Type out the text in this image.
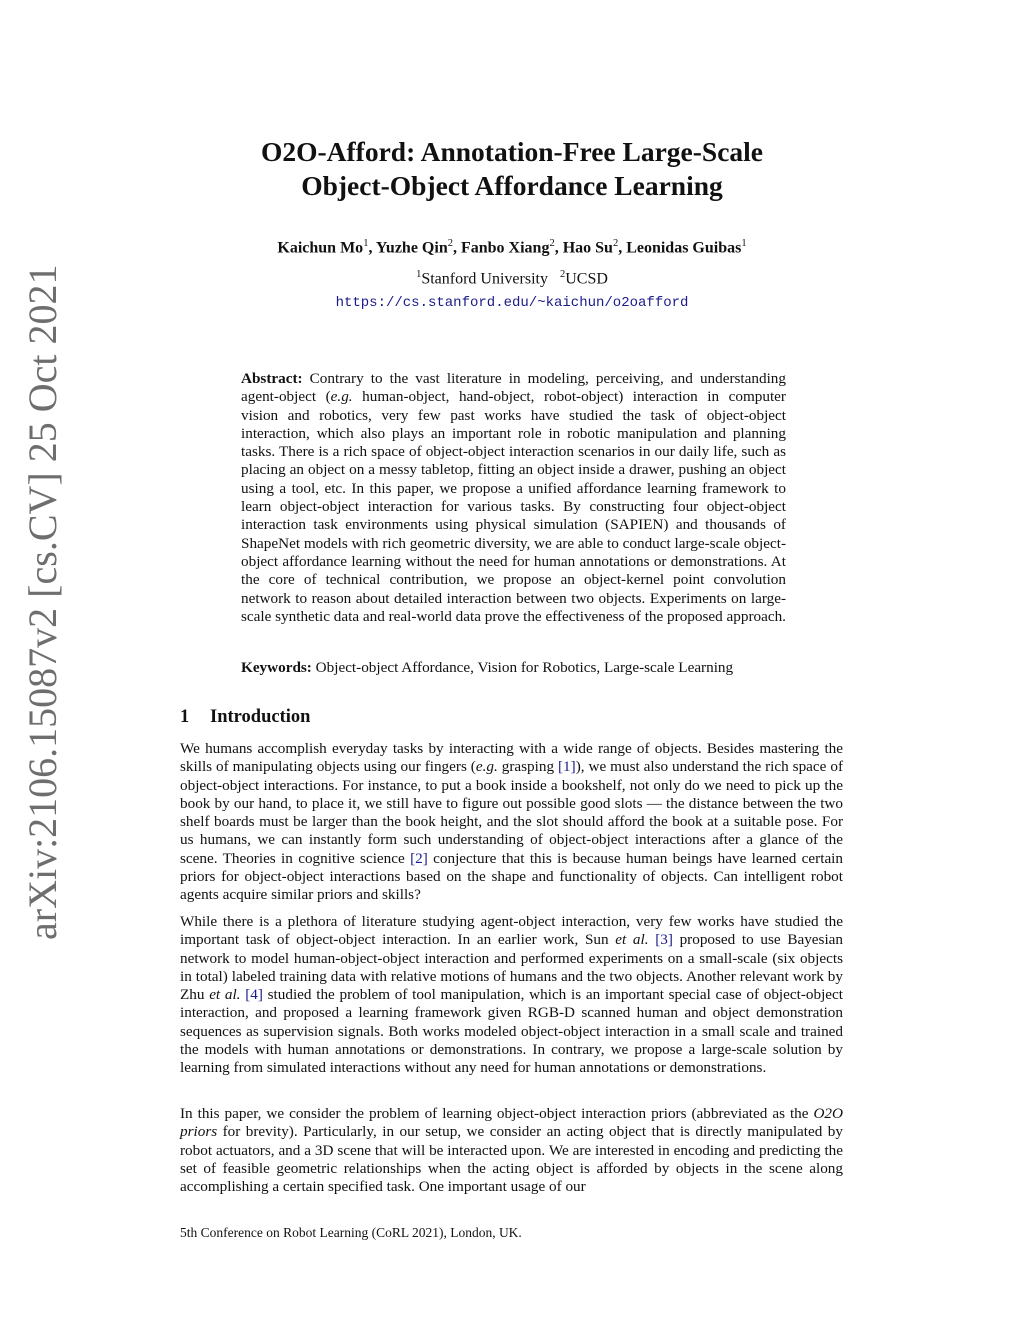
arXiv:2106.15087v2 [cs.CV] 25 Oct 2021
O2O-Afford: Annotation-Free Large-Scale
Object-Object Affordance Learning
Kaichun Mo$^1$, Yuzhe Qin$^2$, Fanbo Xiang$^2$, Hao Su$^2$, Leonidas Guibas$^1$
$^1$Stanford University $^2$UCSD
https://cs.stanford.edu/~kaichun/o2oafford
Abstract: Contrary to the vast literature in modeling, perceiving, and understanding agent-object (e.g. human-object, hand-object, robot-object) interaction in computer vision and robotics, very few past works have studied the task of object-object interaction, which also plays an important role in robotic manipulation and planning tasks. There is a rich space of object-object interaction scenarios in our daily life, such as placing an object on a messy tabletop, fitting an object inside a drawer, pushing an object using a tool, etc. In this paper, we propose a unified affordance learning framework to learn object-object interaction for various tasks. By constructing four object-object interaction task environments using physical simulation (SAPIEN) and thousands of ShapeNet models with rich geometric diversity, we are able to conduct large-scale object-object affordance learning without the need for human annotations or demonstrations. At the core of technical contribution, we propose an object-kernel point convolution network to reason about detailed interaction between two objects. Experiments on large-scale synthetic data and real-world data prove the effectiveness of the proposed approach.
Keywords: Object-object Affordance, Vision for Robotics, Large-scale Learning
1 Introduction
We humans accomplish everyday tasks by interacting with a wide range of objects. Besides mastering the skills of manipulating objects using our fingers (e.g. grasping [1]), we must also understand the rich space of object-object interactions. For instance, to put a book inside a bookshelf, not only do we need to pick up the book by our hand, to place it, we still have to figure out possible good slots — the distance between the two shelf boards must be larger than the book height, and the slot should afford the book at a suitable pose. For us humans, we can instantly form such understanding of object-object interactions after a glance of the scene. Theories in cognitive science [2] conjecture that this is because human beings have learned certain priors for object-object interactions based on the shape and functionality of objects. Can intelligent robot agents acquire similar priors and skills?
While there is a plethora of literature studying agent-object interaction, very few works have studied the important task of object-object interaction. In an earlier work, Sun et al. [3] proposed to use Bayesian network to model human-object-object interaction and performed experiments on a small-scale (six objects in total) labeled training data with relative motions of humans and the two objects. Another relevant work by Zhu et al. [4] studied the problem of tool manipulation, which is an important special case of object-object interaction, and proposed a learning framework given RGB-D scanned human and object demonstration sequences as supervision signals. Both works modeled object-object interaction in a small scale and trained the models with human annotations or demonstrations. In contrary, we propose a large-scale solution by learning from simulated interactions without any need for human annotations or demonstrations.
In this paper, we consider the problem of learning object-object interaction priors (abbreviated as the O2O priors for brevity). Particularly, in our setup, we consider an acting object that is directly manipulated by robot actuators, and a 3D scene that will be interacted upon. We are interested in encoding and predicting the set of feasible geometric relationships when the acting object is afforded by objects in the scene along accomplishing a certain specified task. One important usage of our
5th Conference on Robot Learning (CoRL 2021), London, UK.
